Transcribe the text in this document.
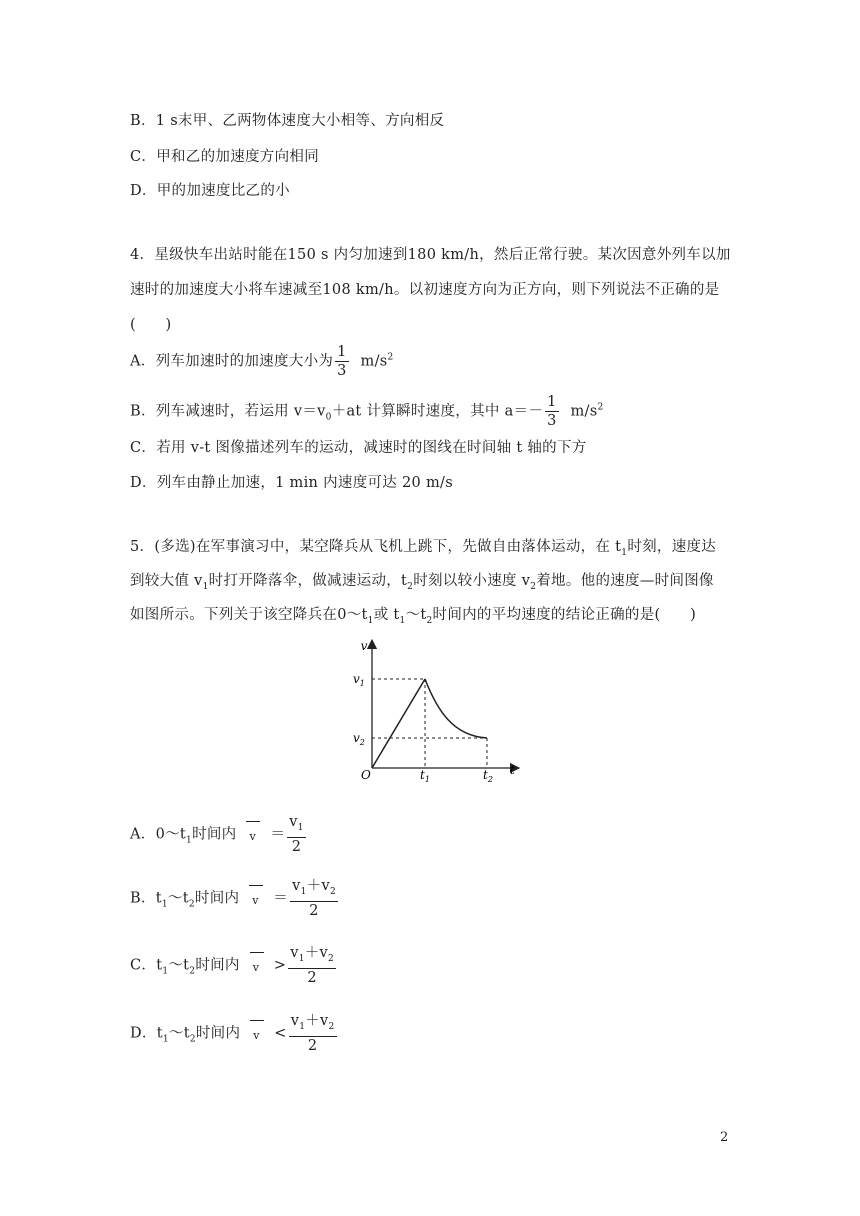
B．1 s末甲、乙两物体速度大小相等、方向相反
C．甲和乙的加速度方向相同
D．甲的加速度比乙的小
4．星级快车出站时能在150 s 内匀加速到180 km/h，然后正常行驶。某次因意外列车以加
速时的加速度大小将车速减至108 km/h。以初速度方向为正方向，则下列说法不正确的是
(　　)
A．列车加速时的加速度大小为 $\frac{1}{3} m/s^2$
B．列车减速时，若运用 $v=v_0+at$ 计算瞬时速度，其中 $a=- \frac{1}{3} m/s^2$
C．若用 v-t 图像描述列车的运动，减速时的图线在时间轴 t 轴的下方
D．列车由静止加速，1 min 内速度可达 20 m/s
5．(多选)在军事演习中，某空降兵从飞机上跳下，先做自由落体运动，在 $t_1$时刻，速度达
到较大值 $v_1$时打开降落伞，做减速运动，$t_2$时刻以较小速度 $v_2$着地。他的速度—时间图像
如图所示。下列关于该空降兵在$0\sim t_1$或 $t_1\sim t_2$时间内的平均速度的结论正确的是(　　)
v
t
O
$v_1$
$v_2$
$t_1$	$t_2$
A．$0\sim t_1$时间内 $v = \frac{v_1}{2}$
B．$t_1\sim t_2$时间内 $v = \frac{v_1+v_2}{2}$
C．$t_1\sim t_2$时间内 $v > \frac{v_1+v_2}{2}$
D．$t_1\sim t_2$时间内 $v < \frac{v_1+v_2}{2}$
2
